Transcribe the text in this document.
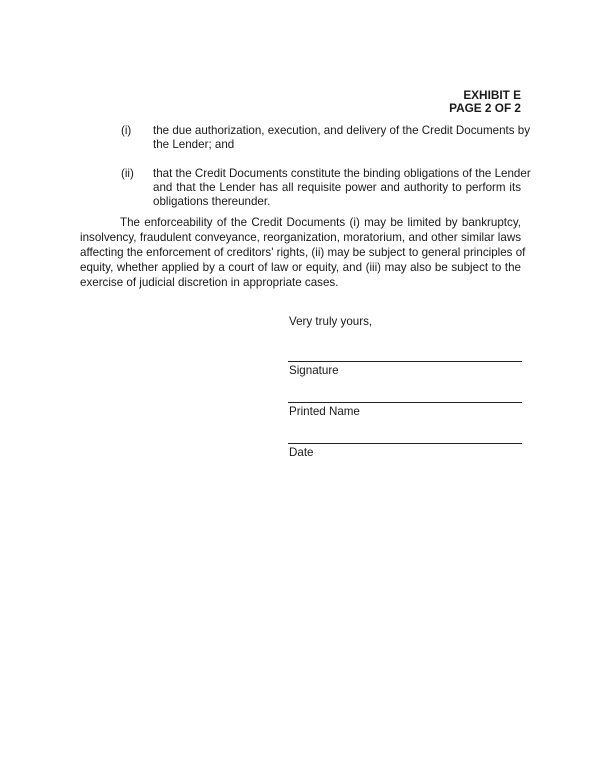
EXHIBIT E
PAGE 2 OF 2
(i) the due authorization, execution, and delivery of the Credit Documents by
the Lender; and
(ii) that the Credit Documents constitute the binding obligations of the Lender
and that the Lender has all requisite power and authority to perform its
obligations thereunder.
The enforceability of the Credit Documents (i) may be limited by bankruptcy,
insolvency, fraudulent conveyance, reorganization, moratorium, and other similar laws
affecting the enforcement of creditors' rights, (ii) may be subject to general principles of
equity, whether applied by a court of law or equity, and (iii) may also be subject to the
exercise of judicial discretion in appropriate cases.
Very truly yours,
Signature
Printed Name
Date
